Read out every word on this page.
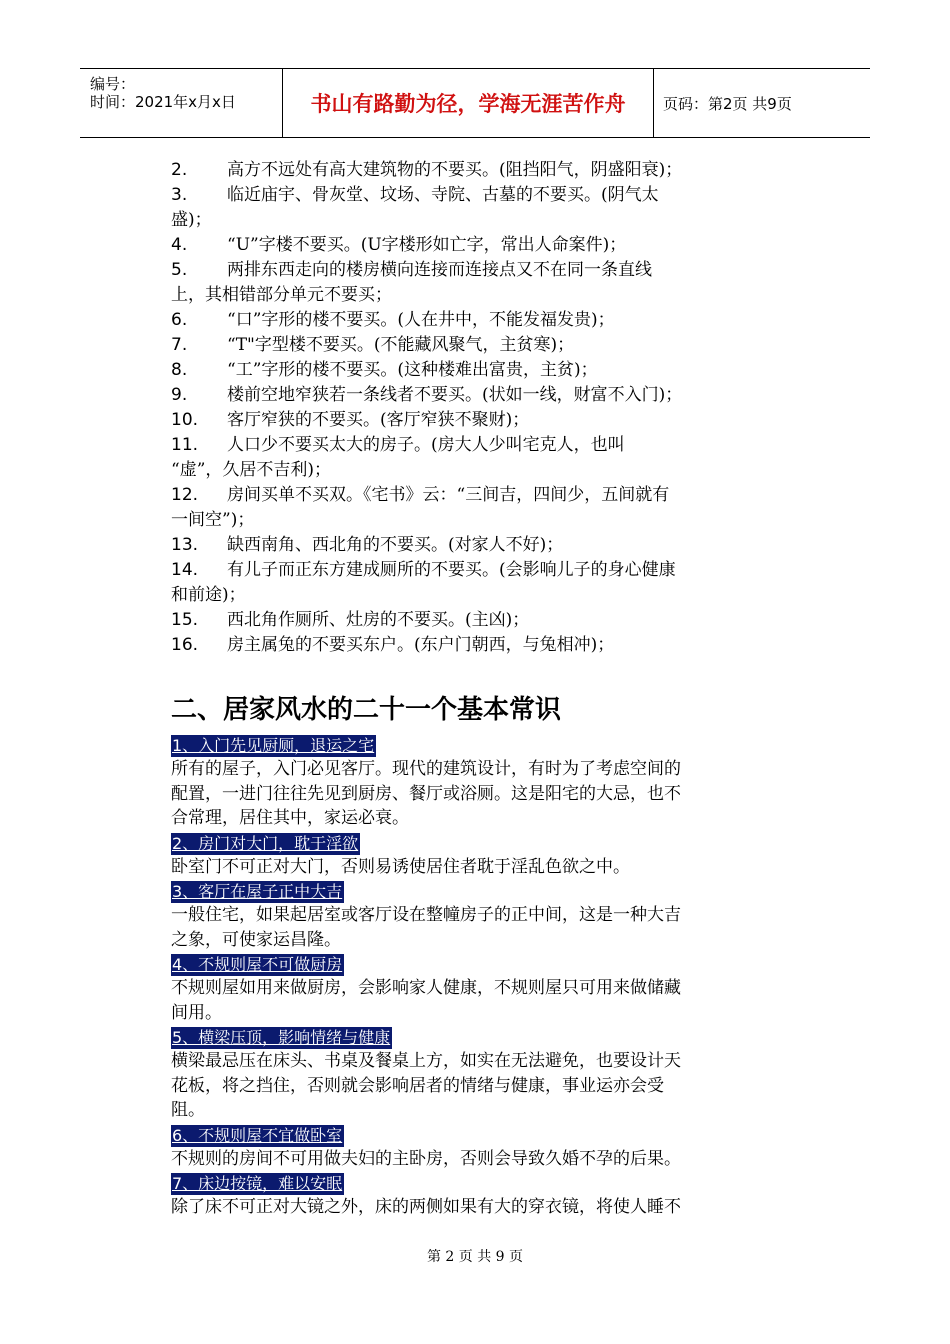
编号：
时间：2021年x月x日	书山有路勤为径，学海无涯苦作舟	页码：第2页 共9页
2. 高方不远处有高大建筑物的不要买。(阻挡阳气，阴盛阳衰)；
3. 临近庙宇、骨灰堂、坟场、寺院、古墓的不要买。(阴气太
盛)；
4. “U”字楼不要买。(U字楼形如亡字，常出人命案件)；
5. 两排东西走向的楼房横向连接而连接点又不在同一条直线
上，其相错部分单元不要买；
6. “口”字形的楼不要买。(人在井中，不能发福发贵)；
7. “T"字型楼不要买。(不能藏风聚气，主贫寒)；
8. “工”字形的楼不要买。(这种楼难出富贵，主贫)；
9. 楼前空地窄狭若一条线者不要买。(状如一线，财富不入门)；
10. 客厅窄狭的不要买。(客厅窄狭不聚财)；
11. 人口少不要买太大的房子。(房大人少叫宅克人，也叫
“虚”，久居不吉利)；
12. 房间买单不买双。《宅书》云：“三间吉，四间少，五间就有
一间空”)；
13. 缺西南角、西北角的不要买。(对家人不好)；
14. 有儿子而正东方建成厕所的不要买。(会影响儿子的身心健康
和前途)；
15. 西北角作厕所、灶房的不要买。(主凶)；
16. 房主属兔的不要买东户。(东户门朝西，与兔相冲)；
二、居家风水的二十一个基本常识
1、入门先见厨厕，退运之宅
所有的屋子，入门必见客厅。现代的建筑设计，有时为了考虑空间的
配置，一进门往往先见到厨房、餐厅或浴厕。这是阳宅的大忌，也不
合常理，居住其中，家运必衰。
2、房门对大门，耽于淫欲
卧室门不可正对大门，否则易诱使居住者耽于淫乱色欲之中。
3、客厅在屋子正中大吉
一般住宅，如果起居室或客厅设在整幢房子的正中间，这是一种大吉
之象，可使家运昌隆。
4、不规则屋不可做厨房
不规则屋如用来做厨房，会影响家人健康，不规则屋只可用来做储藏
间用。
5、横梁压顶，影响情绪与健康
横梁最忌压在床头、书桌及餐桌上方，如实在无法避免，也要设计天
花板，将之挡住，否则就会影响居者的情绪与健康，事业运亦会受
阻。
6、不规则屋不宜做卧室
不规则的房间不可用做夫妇的主卧房，否则会导致久婚不孕的后果。
7、床边按镜，难以安眠
除了床不可正对大镜之外，床的两侧如果有大的穿衣镜，将使人睡不
第 2 页 共 9 页
